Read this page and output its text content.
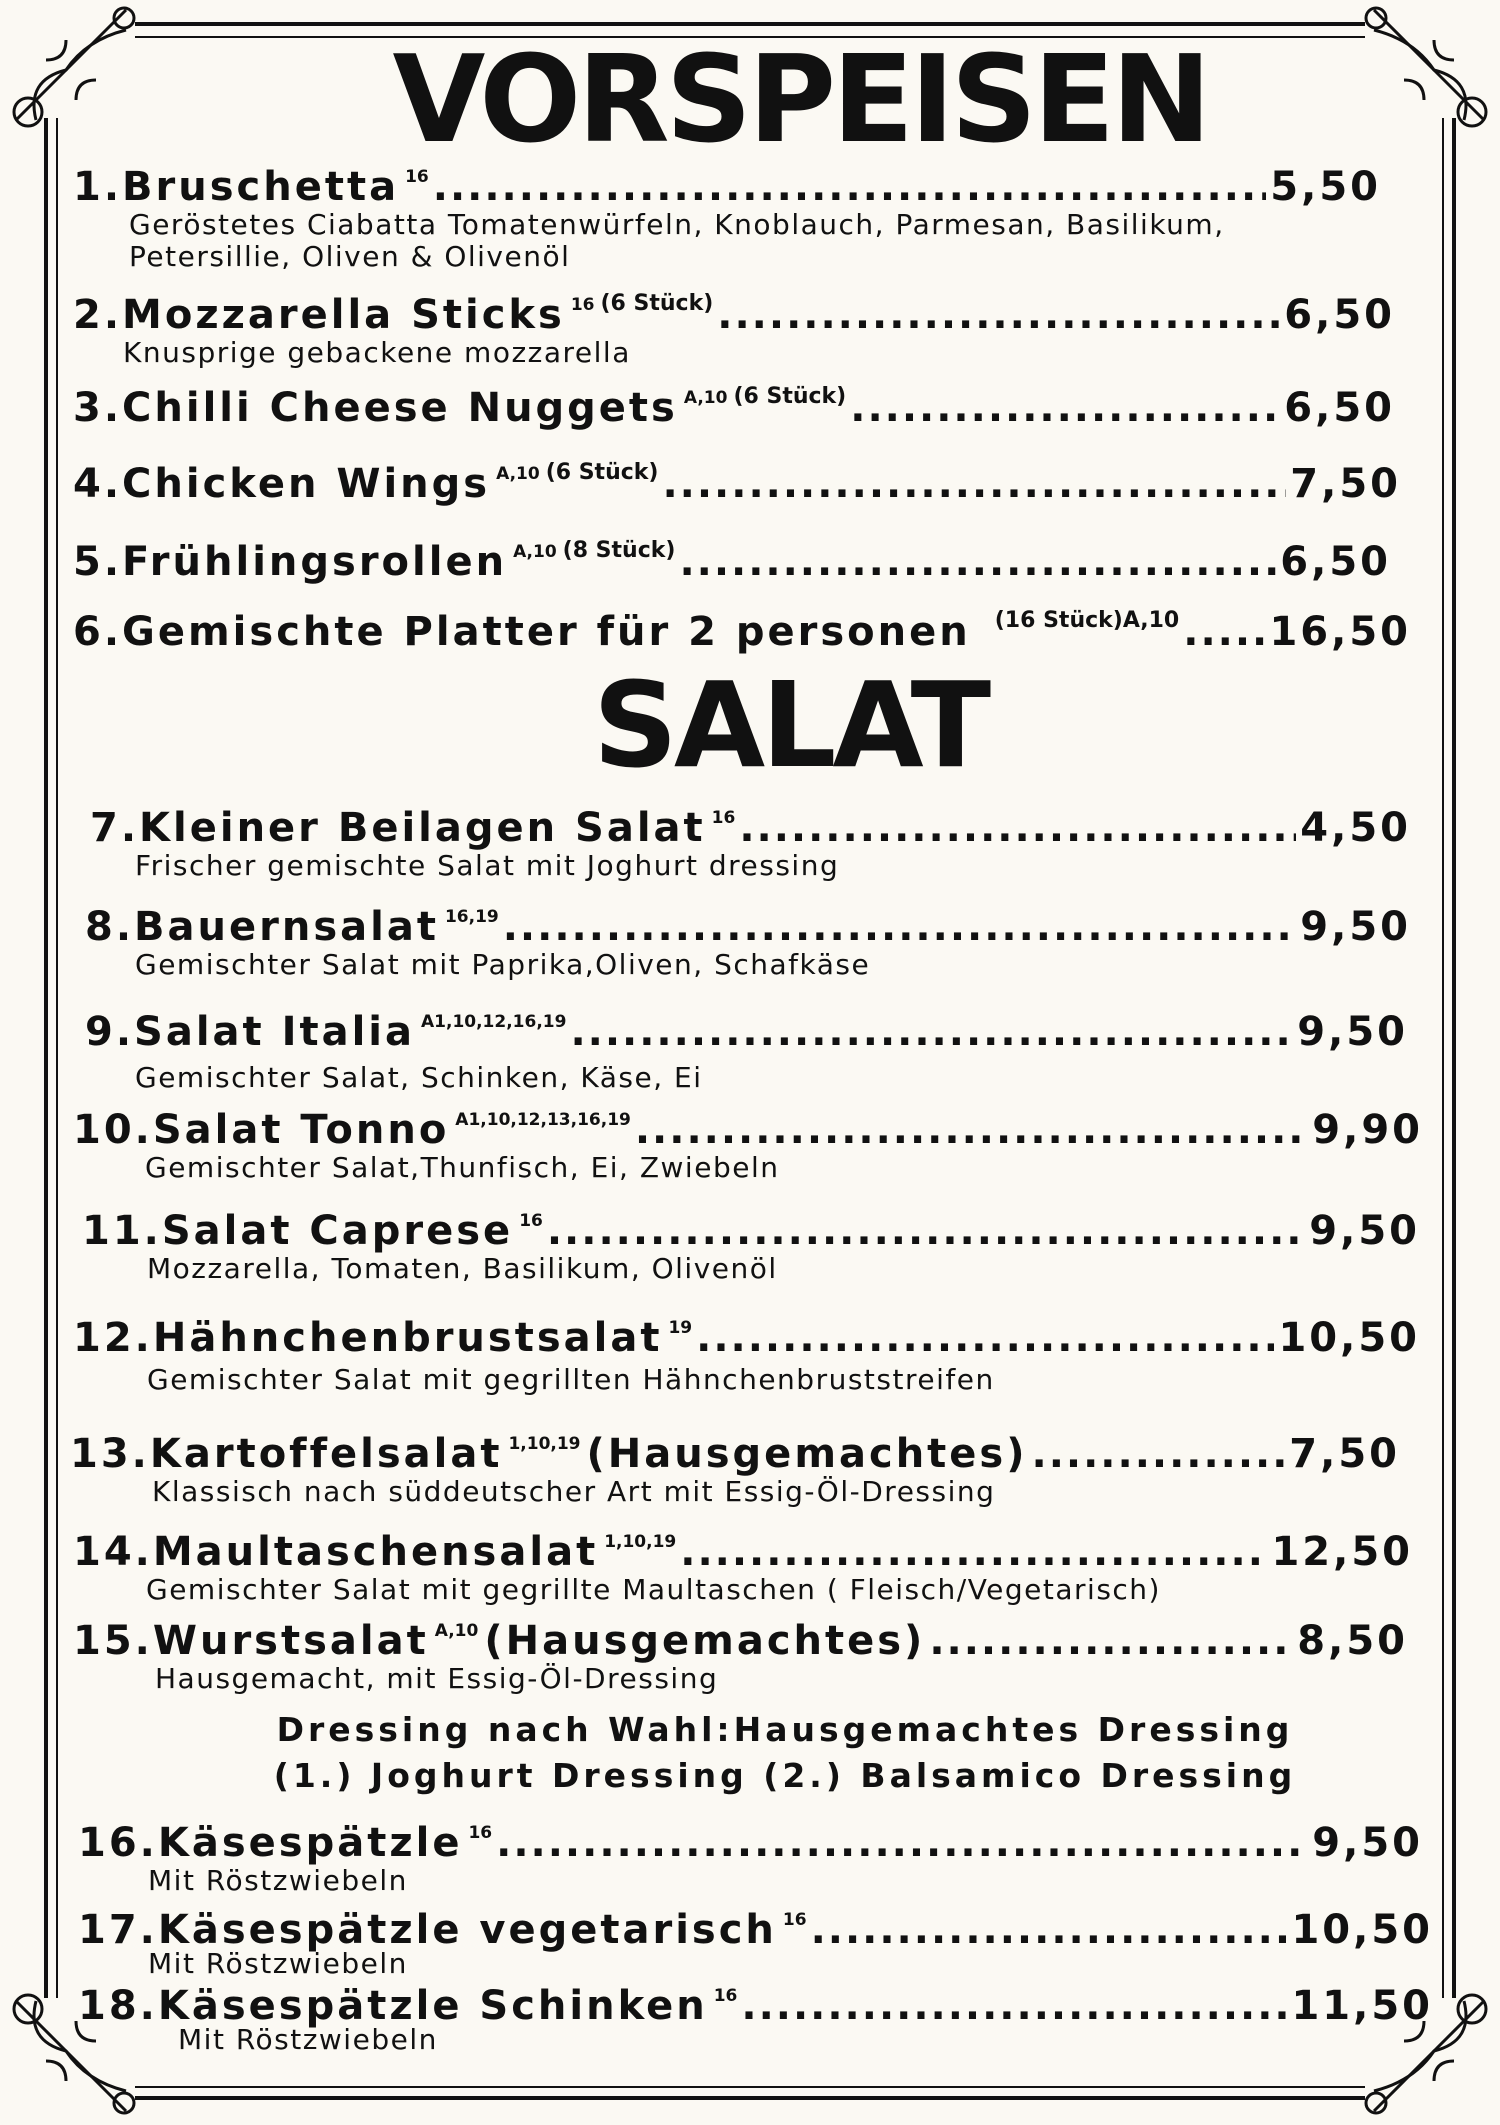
VORSPEISEN
SALAT
1.Bruschetta $^{16}$ .....	5,50
Geröstetes Ciabatta Tomatenwürfeln, Knoblauch, Parmesan, Basilikum,
Petersillie, Oliven & Olivenöl
2.Mozzarella Sticks $^{16}$ $^{(6 Stück)}$ .....	6,50
Knusprige gebackene mozzarella
3.Chilli Cheese Nuggets $^{A,10}$ $^{(6 Stück)}$ .....	6,50
4.Chicken Wings $^{A,10}$ $^{(6 Stück)}$ .....	7,50
5.Frühlingsrollen $^{A,10}$ $^{(8 Stück)}$ .....	6,50
6.Gemischte Platter für 2 personen $^{(16 Stück)A,10}$ ..... 16,50
7.Kleiner Beilagen Salat $^{16}$ .....	4,50
Frischer gemischte Salat mit Joghurt dressing
8.Bauernsalat $^{16,19}$ .....	9,50
Gemischter Salat mit Paprika,Oliven, Schafkäse
9.Salat Italia $^{A1,10,12,16,19}$ .....	9,50
Gemischter Salat, Schinken, Käse, Ei
10.Salat Tonno $^{A1,10,12,13,16,19}$ .....	9,90
Gemischter Salat,Thunfisch, Ei, Zwiebeln
11.Salat Caprese $^{16}$ .....	9,50
Mozzarella, Tomaten, Basilikum, Olivenöl
12.Hähnchenbrustsalat $^{19}$ .....	10,50
Gemischter Salat mit gegrillten Hähnchenbruststreifen
13.Kartoffelsalat $^{1,10,19}$ (Hausgemachtes) .....	7,50
Klassisch nach süddeutscher Art mit Essig-Öl-Dressing
14.Maultaschensalat $^{1,10,19}$ .....	12,50
Gemischter Salat mit gegrillte Maultaschen ( Fleisch/Vegetarisch)
15.Wurstsalat $^{A,10}$ (Hausgemachtes) .....	8,50
Hausgemacht, mit Essig-Öl-Dressing
Dressing nach Wahl:Hausgemachtes Dressing
(1.) Joghurt Dressing (2.) Balsamico Dressing
16.Käsespätzle $^{16}$ .....	9,50
Mit Röstzwiebeln
17.Käsespätzle vegetarisch $^{16}$ .....	10,50
Mit Röstzwiebeln
18.Käsespätzle Schinken $^{16}$ .....	11,50
Mit Röstzwiebeln
